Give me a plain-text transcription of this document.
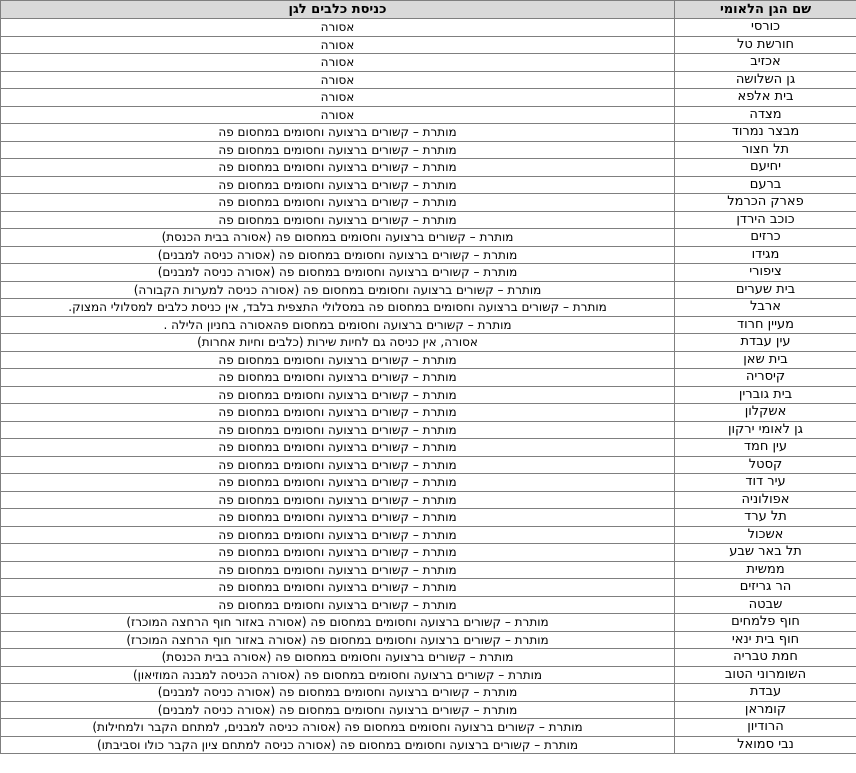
שם הגן הלאומי	כניסת כלבים לגן
כורסי	אסורה
חורשת טל	אסורה
אכזיב	אסורה
גן השלושה	אסורה
בית אלפא	אסורה
מצדה	אסורה
מבצר נמרוד	מותרת – קשורים ברצועה וחסומים במחסום פה
תל חצור	מותרת – קשורים ברצועה וחסומים במחסום פה
יחיעם	מותרת – קשורים ברצועה וחסומים במחסום פה
ברעם	מותרת – קשורים ברצועה וחסומים במחסום פה
פארק הכרמל	מותרת – קשורים ברצועה וחסומים במחסום פה
כוכב הירדן	מותרת – קשורים ברצועה וחסומים במחסום פה
כרזים	מותרת – קשורים ברצועה וחסומים במחסום פה (אסורה בבית הכנסת)
מגידו	מותרת – קשורים ברצועה וחסומים במחסום פה (אסורה כניסה למבנים)
ציפורי	מותרת – קשורים ברצועה וחסומים במחסום פה (אסורה כניסה למבנים)
בית שערים	מותרת – קשורים ברצועה וחסומים במחסום פה (אסורה כניסה למערות הקבורה)
ארבל	מותרת – קשורים ברצועה וחסומים במחסום פה במסלולי התצפית בלבד, אין כניסת כלבים למסלולי המצוק.
מעיין חרוד	מותרת – קשורים ברצועה וחסומים במחסום פהאסורה בחניון הלילה .
עין עבדת	אסורה, אין כניסה גם לחיות שירות (כלבים וחיות אחרות)
בית שאן	מותרת – קשורים ברצועה וחסומים במחסום פה
קיסריה	מותרת – קשורים ברצועה וחסומים במחסום פה
בית גוברין	מותרת – קשורים ברצועה וחסומים במחסום פה
אשקלון	מותרת – קשורים ברצועה וחסומים במחסום פה
גן לאומי ירקון	מותרת – קשורים ברצועה וחסומים במחסום פה
עין חמד	מותרת – קשורים ברצועה וחסומים במחסום פה
קסטל	מותרת – קשורים ברצועה וחסומים במחסום פה
עיר דוד	מותרת – קשורים ברצועה וחסומים במחסום פה
אפולוניה	מותרת – קשורים ברצועה וחסומים במחסום פה
תל ערד	מותרת – קשורים ברצועה וחסומים במחסום פה
אשכול	מותרת – קשורים ברצועה וחסומים במחסום פה
תל באר שבע	מותרת – קשורים ברצועה וחסומים במחסום פה
ממשית	מותרת – קשורים ברצועה וחסומים במחסום פה
הר גריזים	מותרת – קשורים ברצועה וחסומים במחסום פה
שבטה	מותרת – קשורים ברצועה וחסומים במחסום פה
חוף פלמחים	מותרת – קשורים ברצועה וחסומים במחסום פה (אסורה באזור חוף הרחצה המוכרז)
חוף בית ינאי	מותרת – קשורים ברצועה וחסומים במחסום פה (אסורה באזור חוף הרחצה המוכרז)
חמת טבריה	מותרת – קשורים ברצועה וחסומים במחסום פה (אסורה בבית הכנסת)
השומרוני הטוב	מותרת – קשורים ברצועה וחסומים במחסום פה (אסורה הכניסה למבנה המוזיאון)
עבדת	מותרת – קשורים ברצועה וחסומים במחסום פה (אסורה כניסה למבנים)
קומראן	מותרת – קשורים ברצועה וחסומים במחסום פה (אסורה כניסה למבנים)
הרודיון	מותרת – קשורים ברצועה וחסומים במחסום פה (אסורה כניסה למבנים, למתחם הקבר ולמחילות)
נבי סמואל	מותרת – קשורים ברצועה וחסומים במחסום פה (אסורה כניסה למתחם ציון הקבר כולו וסביבתו)
